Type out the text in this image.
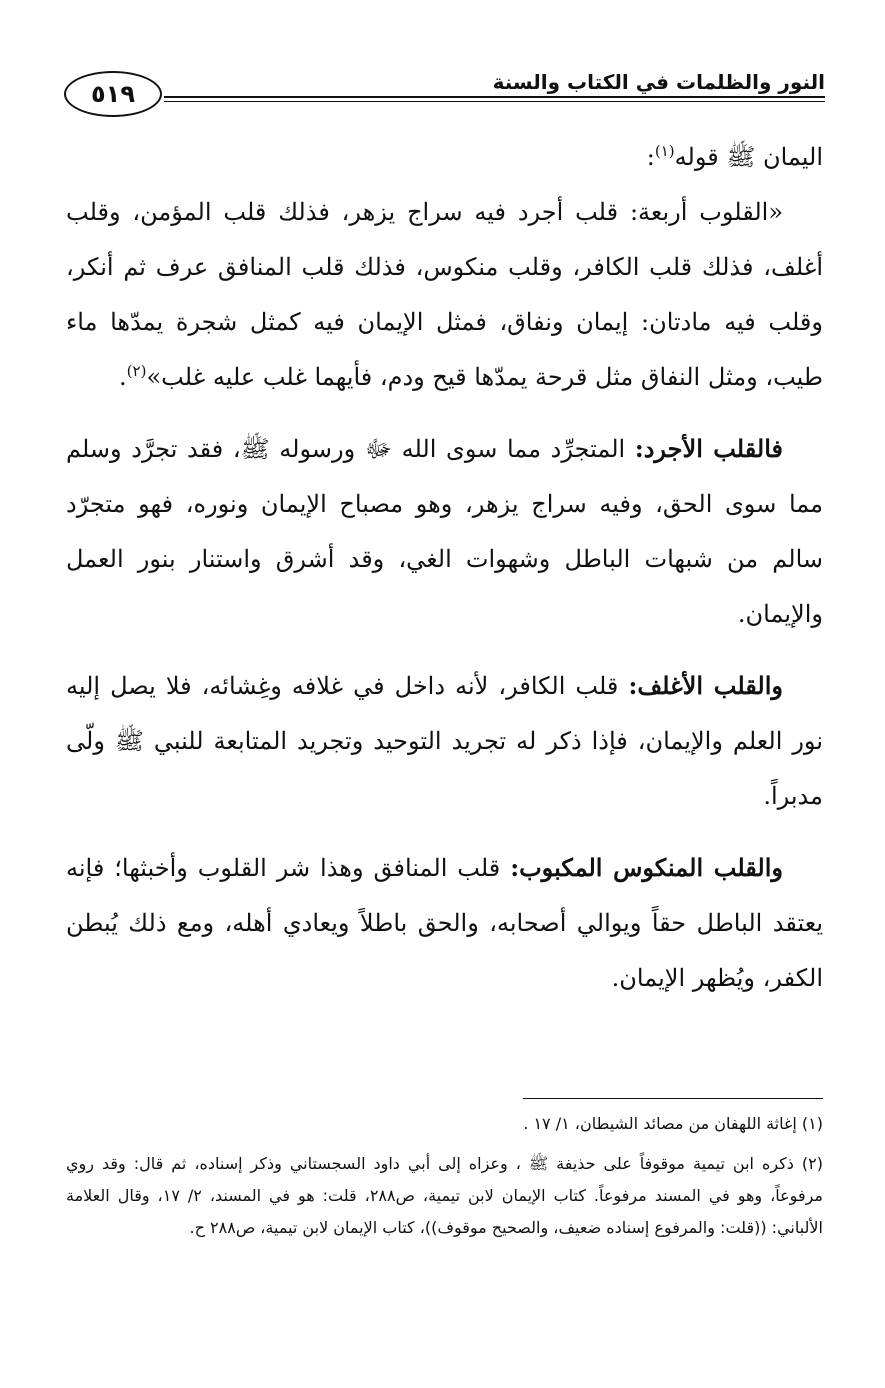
النور والظلمات في الكتاب والسنة
٥١٩

اليمان ﷺ قوله$^{(١)}$:

«القلوب أربعة: قلب أجرد فيه سراج يزهر، فذلك قلب المؤمن، وقلب أغلف، فذلك قلب الكافر، وقلب منكوس، فذلك قلب المنافق عرف ثم أنكر، وقلب فيه مادتان: إيمان ونفاق، فمثل الإيمان فيه كمثل شجرة يمدّها ماء طيب، ومثل النفاق مثل قرحة يمدّها قيح ودم، فأيهما غلب عليه غلب»$^{(٢)}$.

فالقلب الأجرد: المتجرِّد مما سوى الله ﷻ ورسوله ﷺ، فقد تجرَّد وسلم مما سوى الحق، وفيه سراج يزهر، وهو مصباح الإيمان ونوره، فهو متجرّد سالم من شبهات الباطل وشهوات الغي، وقد أشرق واستنار بنور العمل والإيمان.

والقلب الأغلف: قلب الكافر، لأنه داخل في غلافه وغِشائه، فلا يصل إليه نور العلم والإيمان، فإذا ذكر له تجريد التوحيد وتجريد المتابعة للنبي ﷺ ولّى مدبراً.

والقلب المنكوس المكبوب: قلب المنافق وهذا شر القلوب وأخبثها؛ فإنه يعتقد الباطل حقاً ويوالي أصحابه، والحق باطلاً ويعادي أهله، ومع ذلك يُبطن الكفر، ويُظهر الإيمان.

(١) إغاثة اللهفان من مصائد الشيطان، ١/ ١٧ .

(٢) ذكره ابن تيمية موقوفاً على حذيفة ﷺ ، وعزاه إلى أبي داود السجستاني وذكر إسناده، ثم قال: وقد روي مرفوعاً، وهو في المسند مرفوعاً. كتاب الإيمان لابن تيمية، ص٢٨٨، قلت: هو في المسند، ٢/ ١٧، وقال العلامة الألباني: ((قلت: والمرفوع إسناده ضعيف، والصحيح موقوف))، كتاب الإيمان لابن تيمية، ص٢٨٨ ح.
